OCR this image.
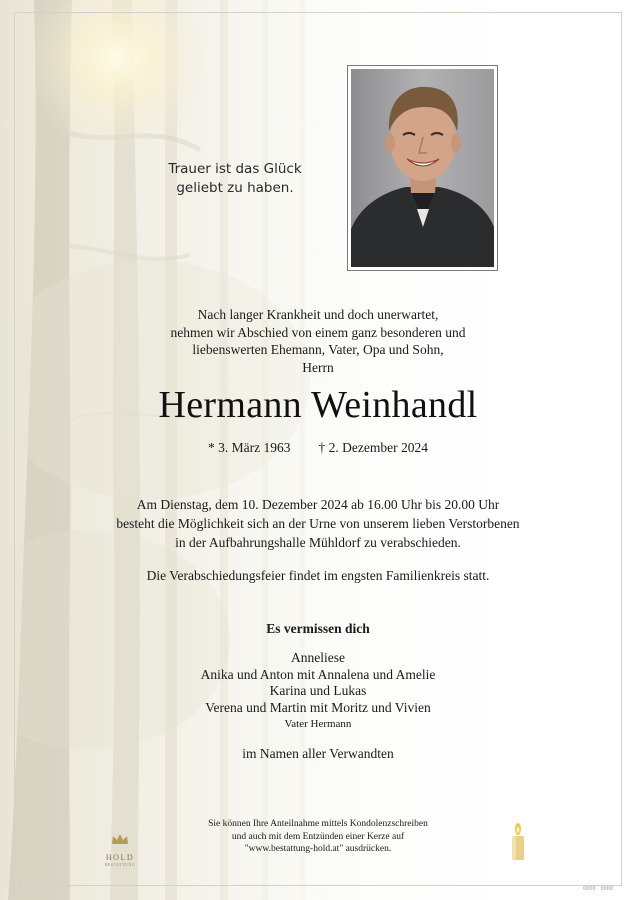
Trauer ist das Glück
geliebt zu haben.
Nach langer Krankheit und doch unerwartet,
nehmen wir Abschied von einem ganz besonderen und
liebenswerten Ehemann, Vater, Opa und Sohn,
Herrn
Hermann Weinhandl
* 3. März 1963 † 2. Dezember 2024
Am Dienstag, dem 10. Dezember 2024 ab 16.00 Uhr bis 20.00 Uhr
besteht die Möglichkeit sich an der Urne von unserem lieben Verstorbenen
in der Aufbahrungshalle Mühldorf zu verabschieden.
Die Verabschiedungsfeier findet im engsten Familienkreis statt.
Es vermissen dich
Anneliese
Anika und Anton mit Annalena und Amelie
Karina und Lukas
Verena und Martin mit Moritz und Vivien
Vater Hermann
im Namen aller Verwandten
Sie können Ihre Anteilnahme mittels Kondolenzschreiben
und auch mit dem Entzünden einer Kerze auf
"www.bestattung-hold.at" ausdrücken.
HOLD
BESTATTUNG
0000 · 0000
